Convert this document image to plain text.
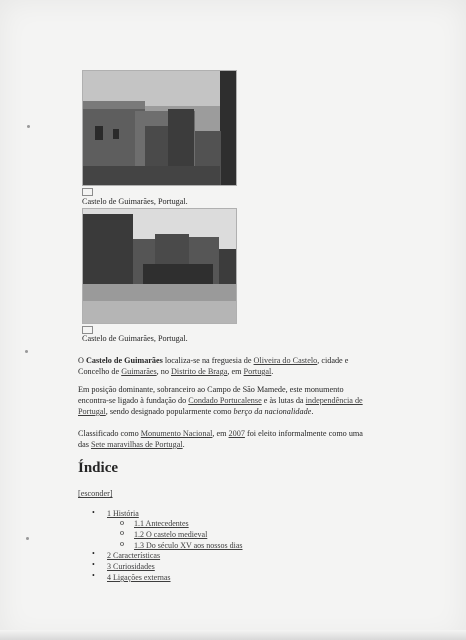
Castelo de Guimarães, Portugal.
Castelo de Guimarães, Portugal.
O Castelo de Guimarães localiza-se na freguesia de Oliveira do Castelo, cidade e
Concelho de Guimarães, no Distrito de Braga, em Portugal.
Em posição dominante, sobranceiro ao Campo de São Mamede, este monumento
encontra-se ligado à fundação do Condado Portucalense e às lutas da independência de
Portugal, sendo designado popularmente como berço da nacionalidade.
Classificado como Monumento Nacional, em 2007 foi eleito informalmente como uma
das Sete maravilhas de Portugal.
Índice
[esconder]
• 1 História
o 1.1 Antecedentes
o 1.2 O castelo medieval
o 1.3 Do século XV aos nossos dias
• 2 Características
• 3 Curiosidades
• 4 Ligações externas
